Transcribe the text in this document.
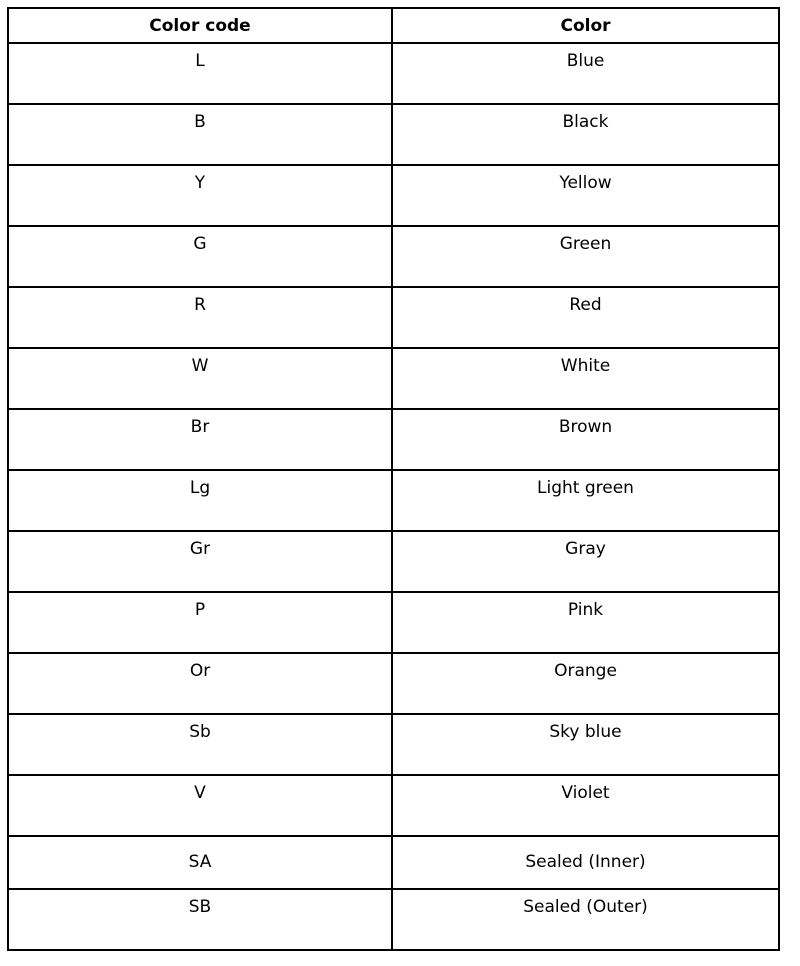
Color code	Color
L	Blue
B	Black
Y	Yellow
G	Green
R	Red
W	White
Br	Brown
Lg	Light green
Gr	Gray
P	Pink
Or	Orange
Sb	Sky blue
V	Violet
SA	Sealed (Inner)
SB	Sealed (Outer)
